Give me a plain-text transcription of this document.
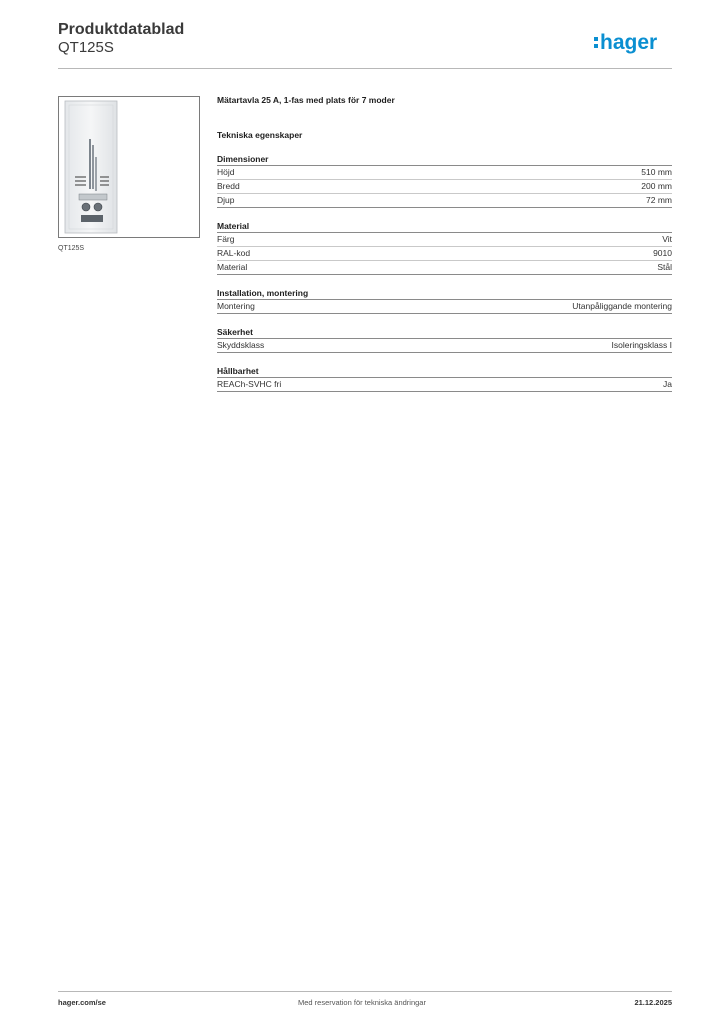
Produktdatablad
QT125S	hager
QT125S
Mätartavla 25 A, 1-fas med plats för 7 moder
Tekniska egenskaper
Dimensioner
Höjd	510 mm
Bredd	200 mm
Djup	72 mm
Material
Färg	Vit
RAL-kod	9010
Material	Stål
Installation, montering
Montering	Utanpåliggande montering
Säkerhet
Skyddsklass	Isoleringsklass I
Hållbarhet
REACh-SVHC fri	Ja
hager.com/se	Med reservation för tekniska ändringar	21.12.2025
